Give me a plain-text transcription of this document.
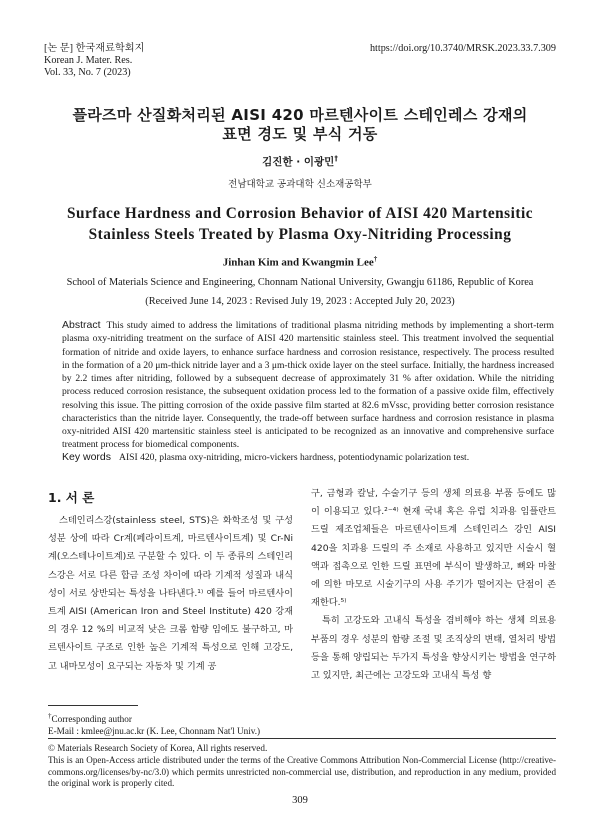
[논 문] 한국재료학회지
Korean J. Mater. Res.
Vol. 33, No. 7 (2023)
https://doi.org/10.3740/MRSK.2023.33.7.309
플라즈마 산질화처리된 AISI 420 마르텐사이트 스테인레스 강재의
표면 경도 및 부식 거동
김진한 · 이광민†
전남대학교 공과대학 신소재공학부
Surface Hardness and Corrosion Behavior of AISI 420 Martensitic
Stainless Steels Treated by Plasma Oxy-Nitriding Processing
Jinhan Kim and Kwangmin Lee†
School of Materials Science and Engineering, Chonnam National University, Gwangju 61186, Republic of Korea
(Received June 14, 2023 : Revised July 19, 2023 : Accepted July 20, 2023)
Abstract This study aimed to address the limitations of traditional plasma nitriding methods by implementing a short-term plasma oxy-nitriding treatment on the surface of AISI 420 martensitic stainless steel. This treatment involved the sequential formation of nitride and oxide layers, to enhance surface hardness and corrosion resistance, respectively. The process resulted in the formation of a 20 μm-thick nitride layer and a 3 μm-thick oxide layer on the steel surface. Initially, the hardness increased by 2.2 times after nitriding, followed by a subsequent decrease of approximately 31 % after oxidation. While the nitriding process reduced corrosion resistance, the subsequent oxidation process led to the formation of a passive oxide film, effectively resolving this issue. The pitting corrosion of the oxide passive film started at 82.6 mVssc, providing better corrosion resistance characteristics than the nitride layer. Consequently, the trade-off between surface hardness and corrosion resistance in plasma oxy-nitrided AISI 420 martensitic stainless steel is anticipated to be recognized as an innovative and comprehensive surface treatment process for biomedical components.
Key words AISI 420, plasma oxy-nitriding, micro-vickers hardness, potentiodynamic polarization test.
1. 서 론

스테인리스강(stainless steel, STS)은 화학조성 및 구성 성분 상에 따라 Cr계(페라이트계, 마르텐사이트계) 및 Cr-Ni계(오스테나이트계)로 구분할 수 있다. 이 두 종류의 스테인리스강은 서로 다른 합금 조성 차이에 따라 기계적 성질과 내식성이 서로 상반되는 특성을 나타낸다.¹⁾ 예를 들어 마르텐사이트계 AISI (American Iron and Steel Institute) 420 강재의 경우 12 %의 비교적 낮은 크롬 함량 임에도 불구하고, 마르텐사이트 구조로 인한 높은 기계적 특성으로 인해 고강도, 고 내마모성이 요구되는 자동차 및 기계 공

구, 금형과 칼날, 수술기구 등의 생체 의료용 부품 등에도 많이 이용되고 있다.²⁻⁴⁾ 현재 국내 혹은 유럽 치과용 임플란트 드릴 제조업체들은 마르텐사이트계 스테인리스 강인 AISI 420을 치과용 드릴의 주 소재로 사용하고 있지만 시술시 혈액과 접촉으로 인한 드릴 표면에 부식이 발생하고, 뼈와 마찰에 의한 마모로 시술기구의 사용 주기가 떨어지는 단점이 존재한다.⁵⁾

특히 고강도와 고내식 특성을 겸비해야 하는 생체 의료용 부품의 경우 성분의 함량 조절 및 조직상의 변태, 열처리 방법 등을 통해 양립되는 두가지 특성을 향상시키는 방법을 연구하고 있지만, 최근에는 고강도와 고내식 특성 향

†Corresponding author
E-Mail : kmlee@jnu.ac.kr (K. Lee, Chonnam Nat'l Univ.)
© Materials Research Society of Korea, All rights reserved.
This is an Open-Access article distributed under the terms of the Creative Commons Attribution Non-Commercial License (http://creative-commons.org/licenses/by-nc/3.0) which permits unrestricted non-commercial use, distribution, and reproduction in any medium, provided the original work is properly cited.
309
